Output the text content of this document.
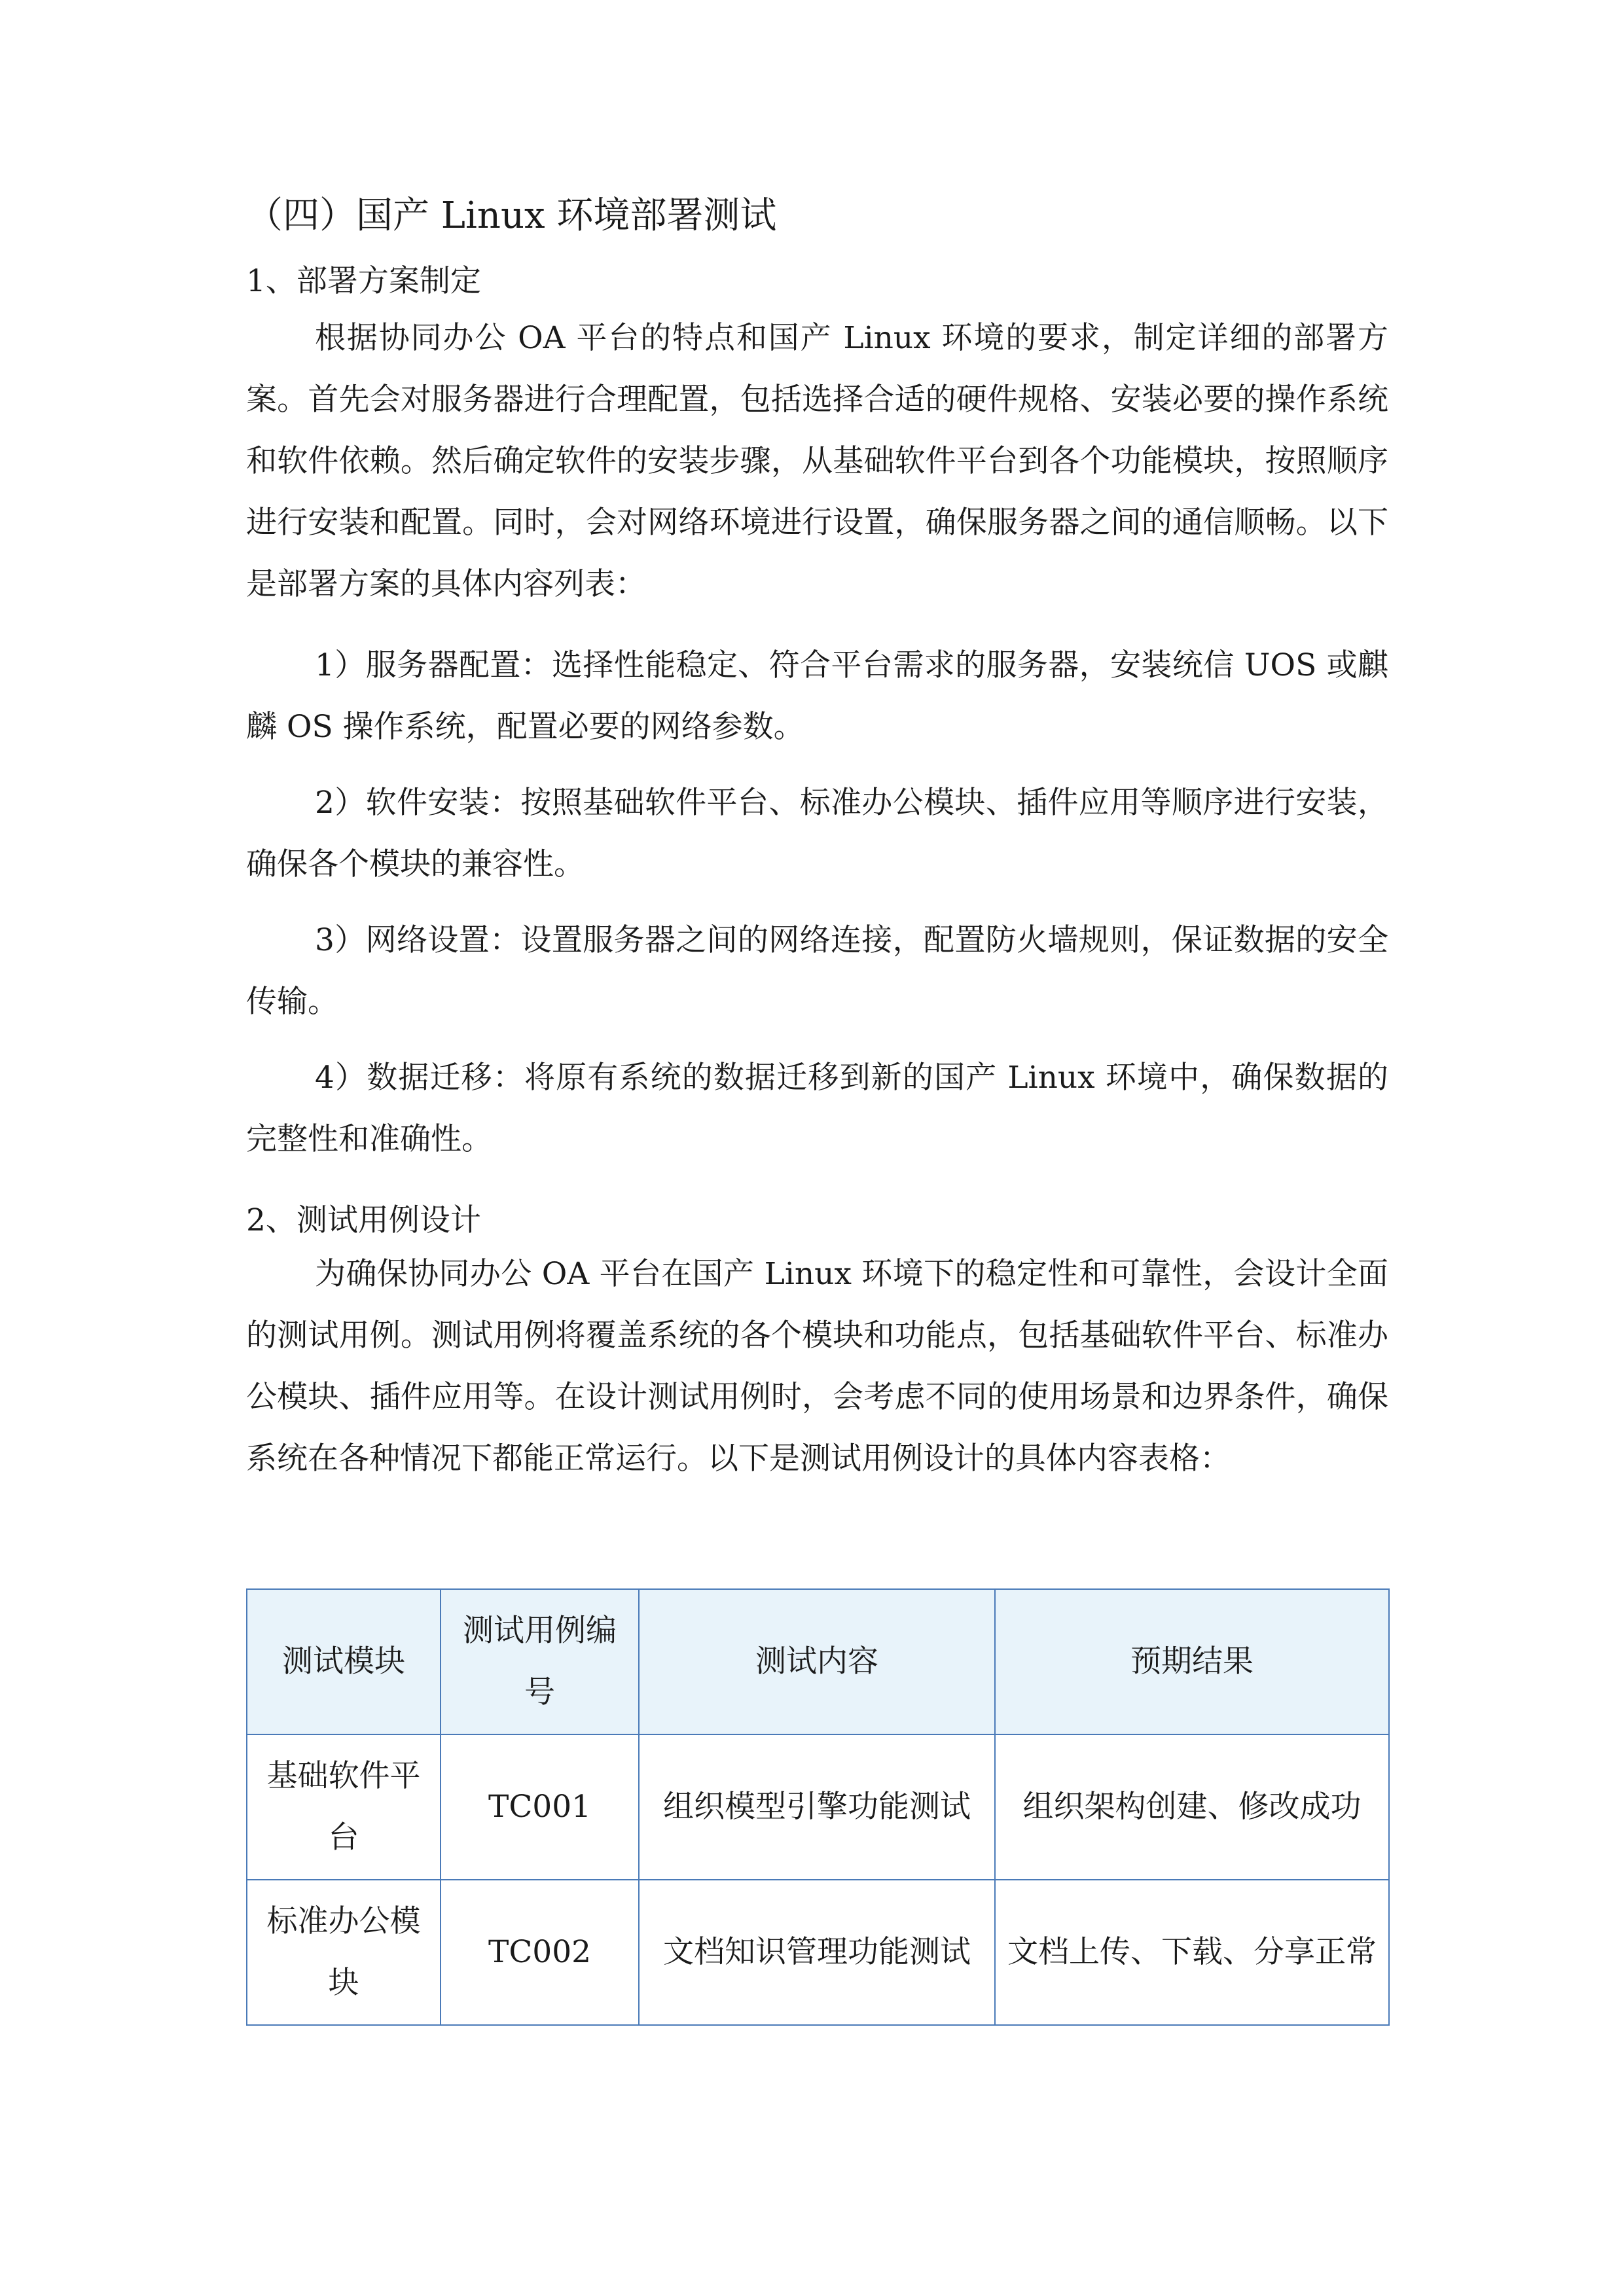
（四）国产 Linux 环境部署测试
1、部署方案制定

根据协同办公 OA 平台的特点和国产 Linux 环境的要求，制定详细的部署方案。首先会对服务器进行合理配置，包括选择合适的硬件规格、安装必要的操作系统和软件依赖。然后确定软件的安装步骤，从基础软件平台到各个功能模块，按照顺序进行安装和配置。同时，会对网络环境进行设置，确保服务器之间的通信顺畅。以下是部署方案的具体内容列表：

1）服务器配置：选择性能稳定、符合平台需求的服务器，安装统信 UOS 或麒麟 OS 操作系统，配置必要的网络参数。

2）软件安装：按照基础软件平台、标准办公模块、插件应用等顺序进行安装，确保各个模块的兼容性。

3）网络设置：设置服务器之间的网络连接，配置防火墙规则，保证数据的安全传输。

4）数据迁移：将原有系统的数据迁移到新的国产 Linux 环境中，确保数据的完整性和准确性。

2、测试用例设计

为确保协同办公 OA 平台在国产 Linux 环境下的稳定性和可靠性，会设计全面的测试用例。测试用例将覆盖系统的各个模块和功能点，包括基础软件平台、标准办公模块、插件应用等。在设计测试用例时，会考虑不同的使用场景和边界条件，确保系统在各种情况下都能正常运行。以下是测试用例设计的具体内容表格：

测试模块	测试用例编号	测试内容	预期结果
基础软件平台	TC001	组织模型引擎功能测试	组织架构创建、修改成功
标准办公模块	TC002	文档知识管理功能测试	文档上传、下载、分享正常
